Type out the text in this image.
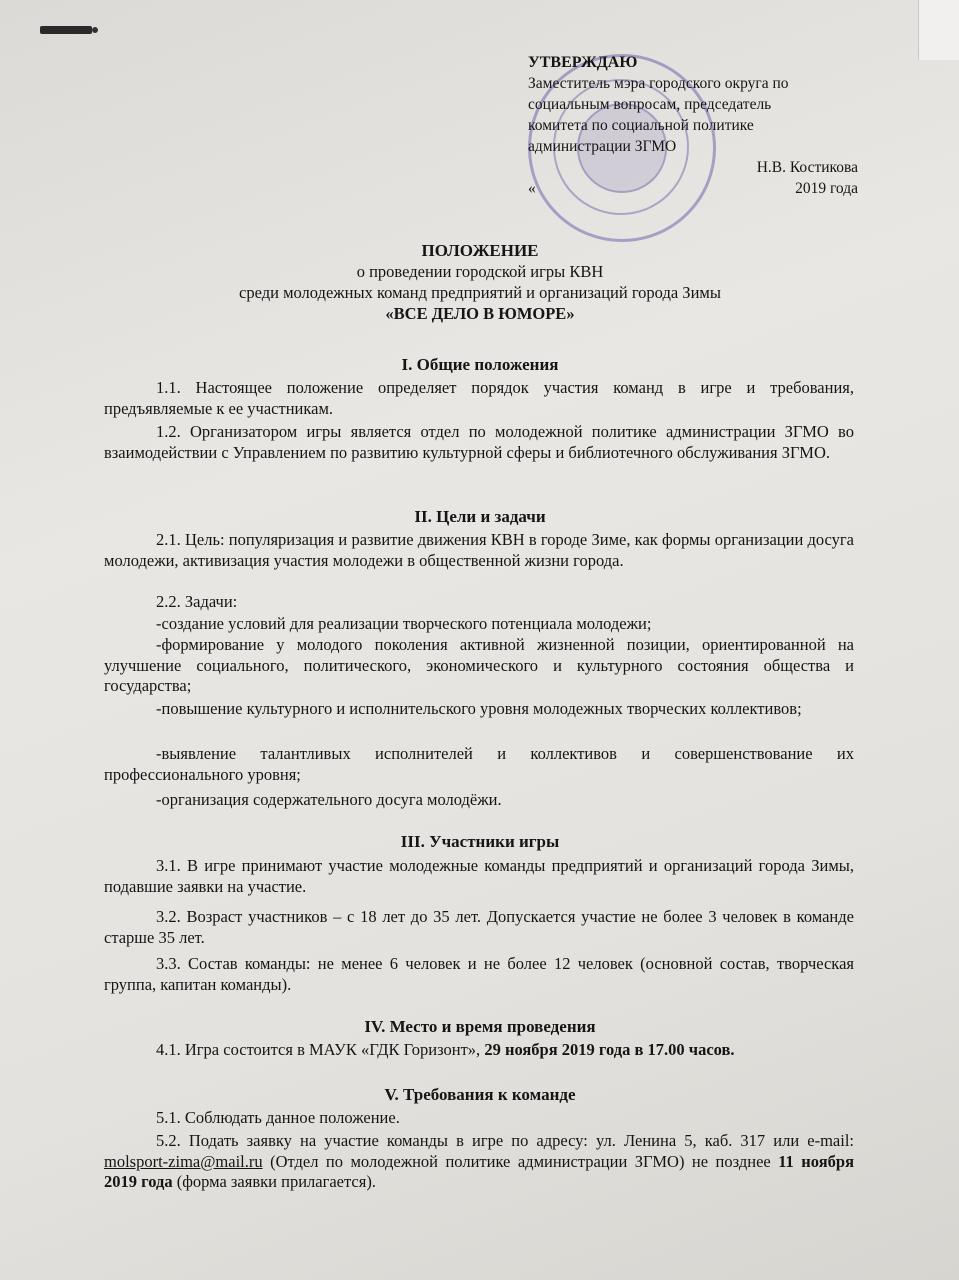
УТВЕРЖДАЮ
Заместитель мэра городского округа по
социальным вопросам, председатель
комитета по социальной политике
администрации ЗГМО

Н.В. Костикова
«	2019 года

ПОЛОЖЕНИЕ

о проведении городской игры КВН

среди молодежных команд предприятий и организаций города Зимы

«ВСЕ ДЕЛО В ЮМОРЕ»

I. Общие положения
1.1. Настоящее положение определяет порядок участия команд в игре и требования, предъявляемые к ее участникам.
1.2. Организатором игры является отдел по молодежной политике администрации ЗГМО во взаимодействии с Управлением по развитию культурной сферы и библиотечного обслуживания ЗГМО.
II. Цели и задачи
2.1. Цель: популяризация и развитие движения КВН в городе Зиме, как формы организации досуга молодежи, активизация участия молодежи в общественной жизни города.
2.2. Задачи:
-создание условий для реализации творческого потенциала молодежи;
-формирование у молодого поколения активной жизненной позиции, ориентированной на улучшение социального, политического, экономического и культурного состояния общества и государства;
-повышение культурного и исполнительского уровня молодежных творческих коллективов;
-выявление талантливых исполнителей и коллективов и совершенствование их профессионального уровня;
-организация содержательного досуга молодёжи.
III. Участники игры
3.1. В игре принимают участие молодежные команды предприятий и организаций города Зимы, подавшие заявки на участие.
3.2. Возраст участников – с 18 лет до 35 лет. Допускается участие не более 3 человек в команде старше 35 лет.
3.3. Состав команды: не менее 6 человек и не более 12 человек (основной состав, творческая группа, капитан команды).
IV. Место и время проведения
4.1. Игра состоится в МАУК «ГДК Горизонт», 29 ноября 2019 года в 17.00 часов.
V. Требования к команде
5.1. Соблюдать данное положение.
5.2. Подать заявку на участие команды в игре по адресу: ул. Ленина 5, каб. 317 или e-mail: molsport-zima@mail.ru (Отдел по молодежной политике администрации ЗГМО) не позднее 11 ноября 2019 года (форма заявки прилагается).
